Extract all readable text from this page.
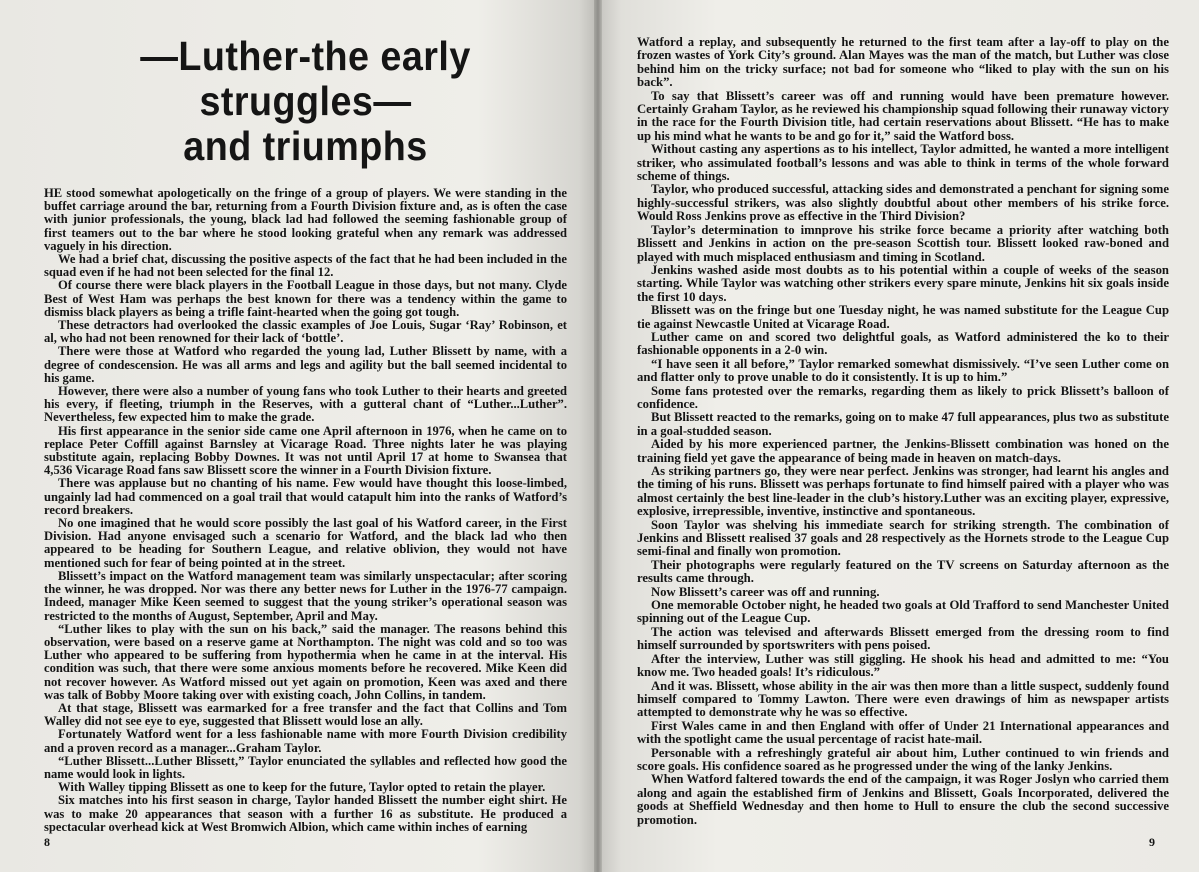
—Luther-the early struggles—
and triumphs

HE stood somewhat apologetically on the fringe of a group of players. We were standing in the buffet carriage around the bar, returning from a Fourth Division fixture and, as is often the case with junior professionals, the young, black lad had followed the seeming fashionable group of first teamers out to the bar where he stood looking grateful when any remark was addressed vaguely in his direction.

We had a brief chat, discussing the positive aspects of the fact that he had been included in the squad even if he had not been selected for the final 12.

Of course there were black players in the Football League in those days, but not many. Clyde Best of West Ham was perhaps the best known for there was a tendency within the game to dismiss black players as being a trifle faint-hearted when the going got tough.

These detractors had overlooked the classic examples of Joe Louis, Sugar ‘Ray’ Robinson, et al, who had not been renowned for their lack of ‘bottle’.

There were those at Watford who regarded the young lad, Luther Blissett by name, with a degree of condescension. He was all arms and legs and agility but the ball seemed incidental to his game.

However, there were also a number of young fans who took Luther to their hearts and greeted his every, if fleeting, triumph in the Reserves, with a gutteral chant of “Luther...Luther”. Nevertheless, few expected him to make the grade.

His first appearance in the senior side came one April afternoon in 1976, when he came on to replace Peter Coffill against Barnsley at Vicarage Road. Three nights later he was playing substitute again, replacing Bobby Downes. It was not until April 17 at home to Swansea that 4,536 Vicarage Road fans saw Blissett score the winner in a Fourth Division fixture.

There was applause but no chanting of his name. Few would have thought this loose-limbed, ungainly lad had commenced on a goal trail that would catapult him into the ranks of Watford’s record breakers.

No one imagined that he would score possibly the last goal of his Watford career, in the First Division. Had anyone envisaged such a scenario for Watford, and the black lad who then appeared to be heading for Southern League, and relative oblivion, they would not have mentioned such for fear of being pointed at in the street.

Blissett’s impact on the Watford management team was similarly unspectacular; after scoring the winner, he was dropped. Nor was there any better news for Luther in the 1976-77 campaign. Indeed, manager Mike Keen seemed to suggest that the young striker’s operational season was restricted to the months of August, September, April and May.

“Luther likes to play with the sun on his back,” said the manager. The reasons behind this observation, were based on a reserve game at Northampton. The night was cold and so too was Luther who appeared to be suffering from hypothermia when he came in at the interval. His condition was such, that there were some anxious moments before he recovered. Mike Keen did not recover however. As Watford missed out yet again on promotion, Keen was axed and there was talk of Bobby Moore taking over with existing coach, John Collins, in tandem.

At that stage, Blissett was earmarked for a free transfer and the fact that Collins and Tom Walley did not see eye to eye, suggested that Blissett would lose an ally.

Fortunately Watford went for a less fashionable name with more Fourth Division credibility and a proven record as a manager...Graham Taylor.

“Luther Blissett...Luther Blissett,” Taylor enunciated the syllables and reflected how good the name would look in lights.

With Walley tipping Blissett as one to keep for the future, Taylor opted to retain the player.

Six matches into his first season in charge, Taylor handed Blissett the number eight shirt. He was to make 20 appearances that season with a further 16 as substitute. He produced a spectacular overhead kick at West Bromwich Albion, which came within inches of earning

8

Watford a replay, and subsequently he returned to the first team after a lay-off to play on the frozen wastes of York City’s ground. Alan Mayes was the man of the match, but Luther was close behind him on the tricky surface; not bad for someone who “liked to play with the sun on his back”.

To say that Blissett’s career was off and running would have been premature however. Certainly Graham Taylor, as he reviewed his championship squad following their runaway victory in the race for the Fourth Division title, had certain reservations about Blissett. “He has to make up his mind what he wants to be and go for it,” said the Watford boss.

Without casting any aspertions as to his intellect, Taylor admitted, he wanted a more intelligent striker, who assimulated football’s lessons and was able to think in terms of the whole forward scheme of things.

Taylor, who produced successful, attacking sides and demonstrated a penchant for signing some highly-successful strikers, was also slightly doubtful about other members of his strike force. Would Ross Jenkins prove as effective in the Third Division?

Taylor’s determination to imnprove his strike force became a priority after watching both Blissett and Jenkins in action on the pre-season Scottish tour. Blissett looked raw-boned and played with much misplaced enthusiasm and timing in Scotland.

Jenkins washed aside most doubts as to his potential within a couple of weeks of the season starting. While Taylor was watching other strikers every spare minute, Jenkins hit six goals inside the first 10 days.

Blissett was on the fringe but one Tuesday night, he was named substitute for the League Cup tie against Newcastle United at Vicarage Road.

Luther came on and scored two delightful goals, as Watford administered the ko to their fashionable opponents in a 2-0 win.

“I have seen it all before,” Taylor remarked somewhat dismissively. “I’ve seen Luther come on and flatter only to prove unable to do it consistently. It is up to him.”

Some fans protested over the remarks, regarding them as likely to prick Blissett’s balloon of confidence.

But Blissett reacted to the remarks, going on to make 47 full appearances, plus two as substitute in a goal-studded season.

Aided by his more experienced partner, the Jenkins-Blissett combination was honed on the training field yet gave the appearance of being made in heaven on match-days.

As striking partners go, they were near perfect. Jenkins was stronger, had learnt his angles and the timing of his runs. Blissett was perhaps fortunate to find himself paired with a player who was almost certainly the best line-leader in the club’s history.Luther was an exciting player, expressive, explosive, irrepressible, inventive, instinctive and spontaneous.

Soon Taylor was shelving his immediate search for striking strength. The combination of Jenkins and Blissett realised 37 goals and 28 respectively as the Hornets strode to the League Cup semi-final and finally won promotion.

Their photographs were regularly featured on the TV screens on Saturday afternoon as the results came through.

Now Blissett’s career was off and running.

One memorable October night, he headed two goals at Old Trafford to send Manchester United spinning out of the League Cup.

The action was televised and afterwards Blissett emerged from the dressing room to find himself surrounded by sportswriters with pens poised.

After the interview, Luther was still giggling. He shook his head and admitted to me: “You know me. Two headed goals! It’s ridiculous.”

And it was. Blissett, whose ability in the air was then more than a little suspect, suddenly found himself compared to Tommy Lawton. There were even drawings of him as newspaper artists attempted to demonstrate why he was so effective.

First Wales came in and then England with offer of Under 21 International appearances and with the spotlight came the usual percentage of racist hate-mail.

Personable with a refreshingly grateful air about him, Luther continued to win friends and score goals. His confidence soared as he progressed under the wing of the lanky Jenkins.

When Watford faltered towards the end of the campaign, it was Roger Joslyn who carried them along and again the established firm of Jenkins and Blissett, Goals Incorporated, delivered the goods at Sheffield Wednesday and then home to Hull to ensure the club the second successive promotion.

9
